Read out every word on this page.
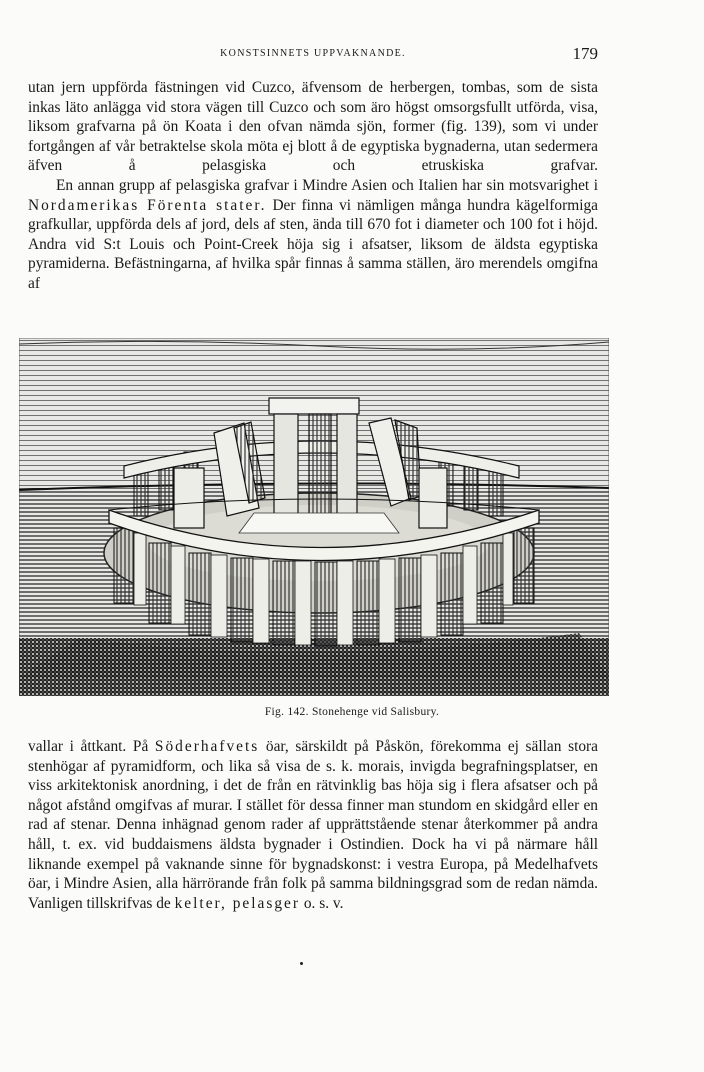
KONSTSINNETS UPPVAKNANDE.	179

utan jern uppförda fästningen vid Cuzco, äfvensom de herbergen, tombas, som de sista inkas läto anlägga vid stora vägen till Cuzco och som äro högst omsorgsfullt utförda, visa, liksom grafvarna på ön Koata i den ofvan nämda sjön, former (fig. 139), som vi under fortgången af vår betraktelse skola möta ej blott å de egyptiska bygnaderna, utan sedermera äfven å pelasgiska och etruskiska grafvar.

En annan grupp af pelasgiska grafvar i Mindre Asien och Italien har sin motsvarighet i Nordamerikas Förenta stater. Der finna vi nämligen många hundra kägelformiga grafkullar, uppförda dels af jord, dels af sten, ända till 670 fot i diameter och 100 fot i höjd. Andra vid S:t Louis och Point-Creek höja sig i afsatser, liksom de äldsta egyptiska pyramiderna. Befästningarna, af hvilka spår finnas å samma ställen, äro merendels omgifna af

Fig. 142. Stonehenge vid Salisbury.

vallar i åttkant. På Söderhafvets öar, särskildt på Påskön, förekomma ej sällan stora stenhögar af pyramidform, och lika så visa de s. k. morais, invigda begrafningsplatser, en viss arkitektonisk anordning, i det de från en rätvinklig bas höja sig i flera afsatser och på något afstånd omgifvas af murar. I stället för dessa finner man stundom en skidgård eller en rad af stenar. Denna inhägnad genom rader af upprättstående stenar återkommer på andra håll, t. ex. vid buddaismens äldsta bygnader i Ostindien. Dock ha vi på närmare håll liknande exempel på vaknande sinne för bygnadskonst: i vestra Europa, på Medelhafvets öar, i Mindre Asien, alla härrörande från folk på samma bildningsgrad som de redan nämda. Vanligen tillskrifvas de kelter, pelasger o. s. v.
